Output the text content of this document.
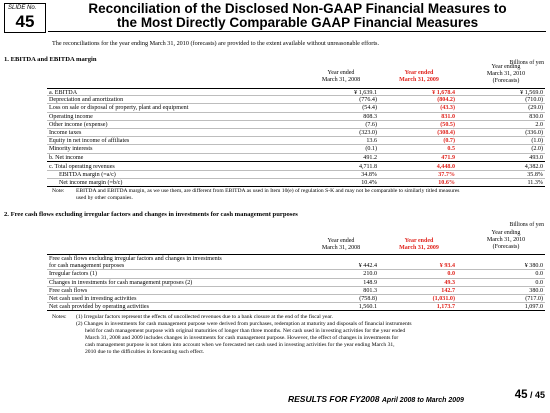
SLIDE No.
45
Reconciliation of the Disclosed Non-GAAP Financial Measures to
the Most Directly Comparable GAAP Financial Measures
The reconciliations for the year ending March 31, 2010 (forecasts) are provided to the extent available without unreasonable efforts.
1. EBITDA and EBITDA margin	Billions of yen
Year ended
March 31, 2008
Year ended
March 31, 2009
Year ending
March 31, 2010
(Forecasts)
a. EBITDA	¥ 1,639.1	¥ 1,678.4	¥ 1,569.0
Depreciation and amortization	(776.4)	(804.2)	(710.0)
Loss on sale or disposal of property, plant and equipment	(54.4)	(43.3)	(29.0)
Operating income	808.3	831.0	830.0
Other income (expense)	(7.6)	(50.5)	2.0
Income taxes	(323.0)	(308.4)	(336.0)
Equity in net income of affiliates	13.6	(0.7)	(1.0)
Minority interests	(0.1)	0.5	(2.0)
b. Net income	491.2	471.9	493.0
c. Total operating revenues	4,711.8	4,448.0	4,382.0
EBITDA margin (=a/c)	34.8%	37.7%	35.8%
Net income margin (=b/c)	10.4%	10.6%	11.3%
Note: EBITDA and EBITDA margin, as we use them, are different from EBITDA as used in Item 10(e) of regulation S-K and may not be comparable to similarly titled measures
used by other companies.
2. Free cash flows excluding irregular factors and changes in investments for cash management purposes
Billions of yen
Year ended
March 31, 2008
Year ended
March 31, 2009
Year ending
March 31, 2010
(Forecasts)
Free cash flows excluding irregular factors and changes in investments
for cash management purposes	¥ 442.4	¥ 93.4	¥ 380.0
Irregular factors (1)	210.0	0.0	0.0
Changes in investments for cash management purposes (2)	148.9	49.3	0.0
Free cash flows	801.3	142.7	380.0
Net cash used in investing activities	(758.8)	(1,031.0)	(717.0)
Net cash provided by operating activities	1,560.1	1,173.7	1,097.0
Notes: (1) Irregular factors represent the effects of uncollected revenues due to a bank closure at the end of the fiscal year.
(2) Changes in investments for cash management purpose were derived from purchases, redemption at maturity and disposals of financial instruments
held for cash management purpose with original maturities of longer than three months. Net cash used in investing activities for the year ended
March 31, 2008 and 2009 includes changes in investments for cash management purpose. However, the effect of changes in investments for
cash management purpose is not taken into account when we forecasted net cash used in investing activities for the year ending March 31,
2010 due to the difficulties in forecasting such effect.
RESULTS FOR FY2008 April 2008 to March 2009	45 / 45
